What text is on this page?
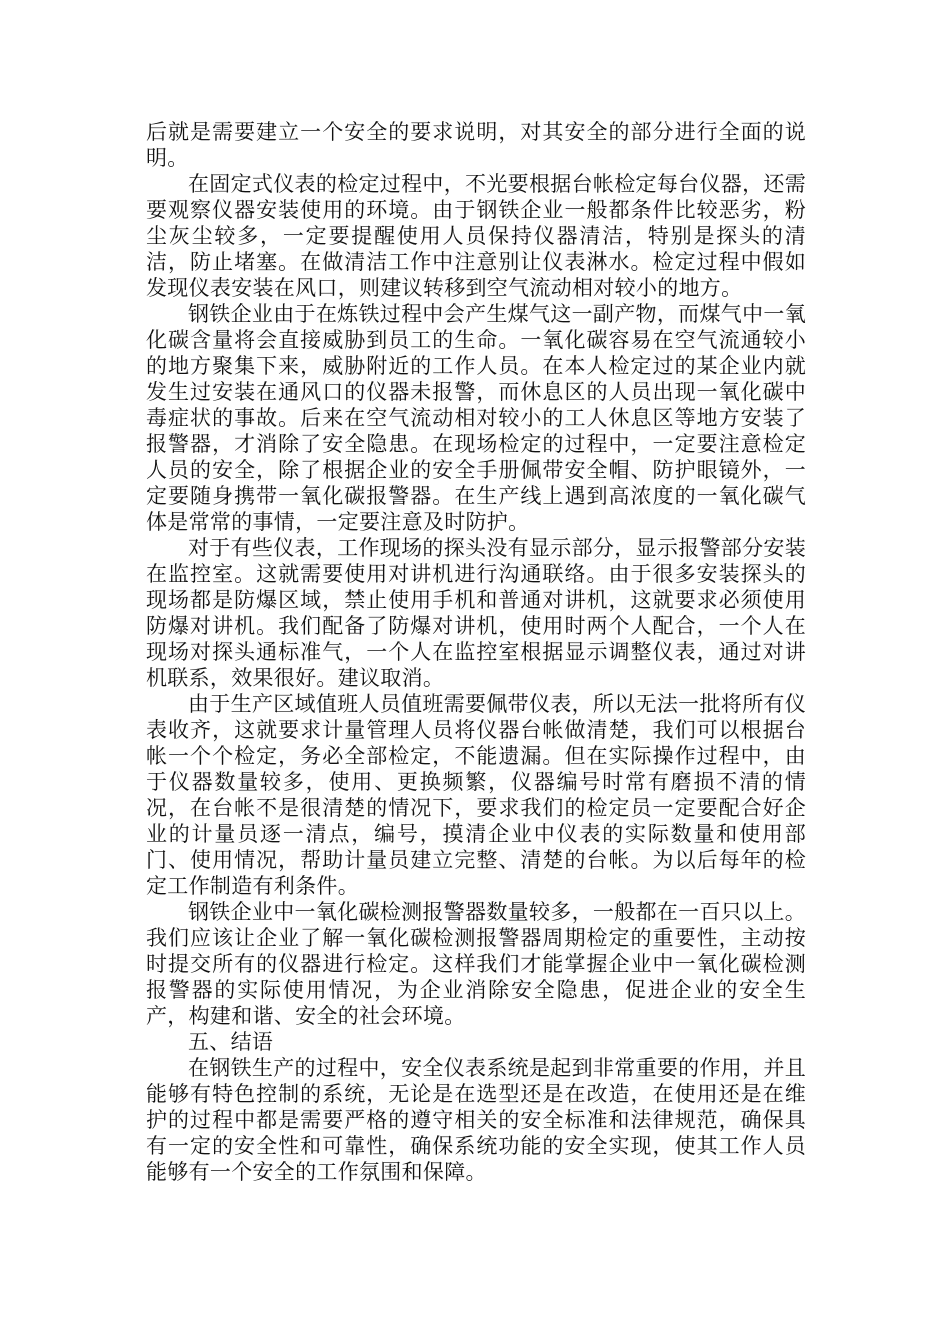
后就是需要建立一个安全的要求说明，对其安全的部分进行全面的说明。

在固定式仪表的检定过程中，不光要根据台帐检定每台仪器，还需要观察仪器安装使用的环境。由于钢铁企业一般都条件比较恶劣，粉尘灰尘较多，一定要提醒使用人员保持仪器清洁，特别是探头的清洁，防止堵塞。在做清洁工作中注意别让仪表淋水。检定过程中假如发现仪表安装在风口，则建议转移到空气流动相对较小的地方。

钢铁企业由于在炼铁过程中会产生煤气这一副产物，而煤气中一氧化碳含量将会直接威胁到员工的生命。一氧化碳容易在空气流通较小的地方聚集下来，威胁附近的工作人员。在本人检定过的某企业内就发生过安装在通风口的仪器未报警，而休息区的人员出现一氧化碳中毒症状的事故。后来在空气流动相对较小的工人休息区等地方安装了报警器，才消除了安全隐患。在现场检定的过程中，一定要注意检定人员的安全，除了根据企业的安全手册佩带安全帽、防护眼镜外，一定要随身携带一氧化碳报警器。在生产线上遇到高浓度的一氧化碳气体是常常的事情，一定要注意及时防护。

对于有些仪表，工作现场的探头没有显示部分，显示报警部分安装在监控室。这就需要使用对讲机进行沟通联络。由于很多安装探头的现场都是防爆区域，禁止使用手机和普通对讲机，这就要求必须使用防爆对讲机。我们配备了防爆对讲机，使用时两个人配合，一个人在现场对探头通标准气，一个人在监控室根据显示调整仪表，通过对讲机联系，效果很好。建议取消。

由于生产区域值班人员值班需要佩带仪表，所以无法一批将所有仪表收齐，这就要求计量管理人员将仪器台帐做清楚，我们可以根据台帐一个个检定，务必全部检定，不能遗漏。但在实际操作过程中，由于仪器数量较多，使用、更换频繁，仪器编号时常有磨损不清的情况，在台帐不是很清楚的情况下，要求我们的检定员一定要配合好企业的计量员逐一清点，编号，摸清企业中仪表的实际数量和使用部门、使用情况，帮助计量员建立完整、清楚的台帐。为以后每年的检定工作制造有利条件。

钢铁企业中一氧化碳检测报警器数量较多，一般都在一百只以上。我们应该让企业了解一氧化碳检测报警器周期检定的重要性，主动按时提交所有的仪器进行检定。这样我们才能掌握企业中一氧化碳检测报警器的实际使用情况，为企业消除安全隐患，促进企业的安全生产，构建和谐、安全的社会环境。

五、结语

在钢铁生产的过程中，安全仪表系统是起到非常重要的作用，并且能够有特色控制的系统，无论是在选型还是在改造，在使用还是在维护的过程中都是需要严格的遵守相关的安全标准和法律规范，确保具有一定的安全性和可靠性，确保系统功能的安全实现，使其工作人员能够有一个安全的工作氛围和保障。
